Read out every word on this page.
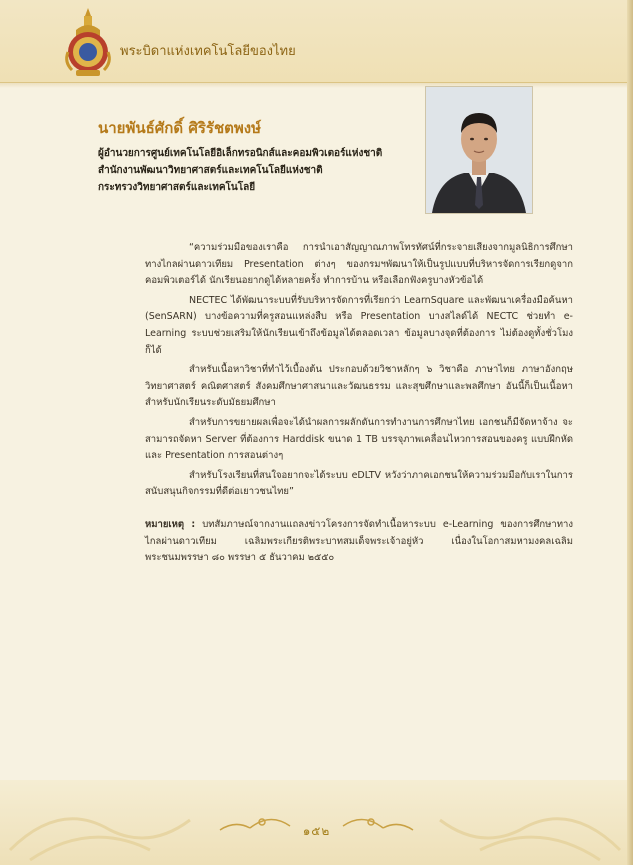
พระบิดาแห่งเทคโนโลยีของไทย
นายพันธ์ศักดิ์ ศิริรัชตพงษ์
ผู้อำนวยการศูนย์เทคโนโลยีอิเล็กทรอนิกส์และคอมพิวเตอร์แห่งชาติ
สำนักงานพัฒนาวิทยาศาสตร์และเทคโนโลยีแห่งชาติ
กระทรวงวิทยาศาสตร์และเทคโนโลยี

“ความร่วมมือของเราคือ การนำเอาสัญญาณภาพโทรทัศน์ที่กระจายเสียงจากมูลนิธิการศึกษาทางไกลผ่านดาวเทียม Presentation ต่างๆ ของกรมฯพัฒนาให้เป็นรูปแบบที่บริหารจัดการเรียกดูจากคอมพิวเตอร์ได้ นักเรียนอยากดูได้หลายครั้ง ทำการบ้าน หรือเลือกฟังครูบางหัวข้อได้

NECTEC ได้พัฒนาระบบที่รับบริหารจัดการที่เรียกว่า LearnSquare และพัฒนาเครื่องมือค้นหา (SenSARN) บางข้อความที่ครูสอนแหล่งสืบ หรือ Presentation บางสไลด์ได้ NECTC ช่วยทำ e-Learning ระบบช่วยเสริมให้นักเรียนเข้าถึงข้อมูลได้ตลอดเวลา ข้อมูลบางจุดที่ต้องการ ไม่ต้องดูทั้งชั่วโมงก็ได้

สำหรับเนื้อหาวิชาที่ทำไว้เบื้องต้น ประกอบด้วยวิชาหลักๆ ๖ วิชาคือ ภาษาไทย ภาษาอังกฤษ วิทยาศาสตร์ คณิตศาสตร์ สังคมศึกษาศาสนาและวัฒนธรรม และสุขศึกษาและพลศึกษา อันนี้ก็เป็นเนื้อหาสำหรับนักเรียนระดับมัธยมศึกษา

สำหรับการขยายผลเพื่อจะได้นำผลการผลักดันการทำงานการศึกษาไทย เอกชนก็มีจัดหาจ้าง จะสามารถจัดหา Server ที่ต้องการ Harddisk ขนาด 1 TB บรรจุภาพเคลื่อนไหวการสอนของครู แบบฝึกหัด และ Presentation การสอนต่างๆ

สำหรับโรงเรียนที่สนใจอยากจะได้ระบบ eDLTV หวังว่าภาคเอกชนให้ความร่วมมือกับเราในการสนับสนุนกิจกรรมที่ดีต่อเยาวชนไทย”

หมายเหตุ : บทสัมภาษณ์จากงานแถลงข่าวโครงการจัดทำเนื้อหาระบบ e-Learning ของการศึกษาทางไกลผ่านดาวเทียม เฉลิมพระเกียรติพระบาทสมเด็จพระเจ้าอยู่หัว เนื่องในโอกาสมหามงคลเฉลิมพระชนมพรรษา ๘๐ พรรษา ๕ ธันวาคม ๒๕๕๐

๑๕๒
